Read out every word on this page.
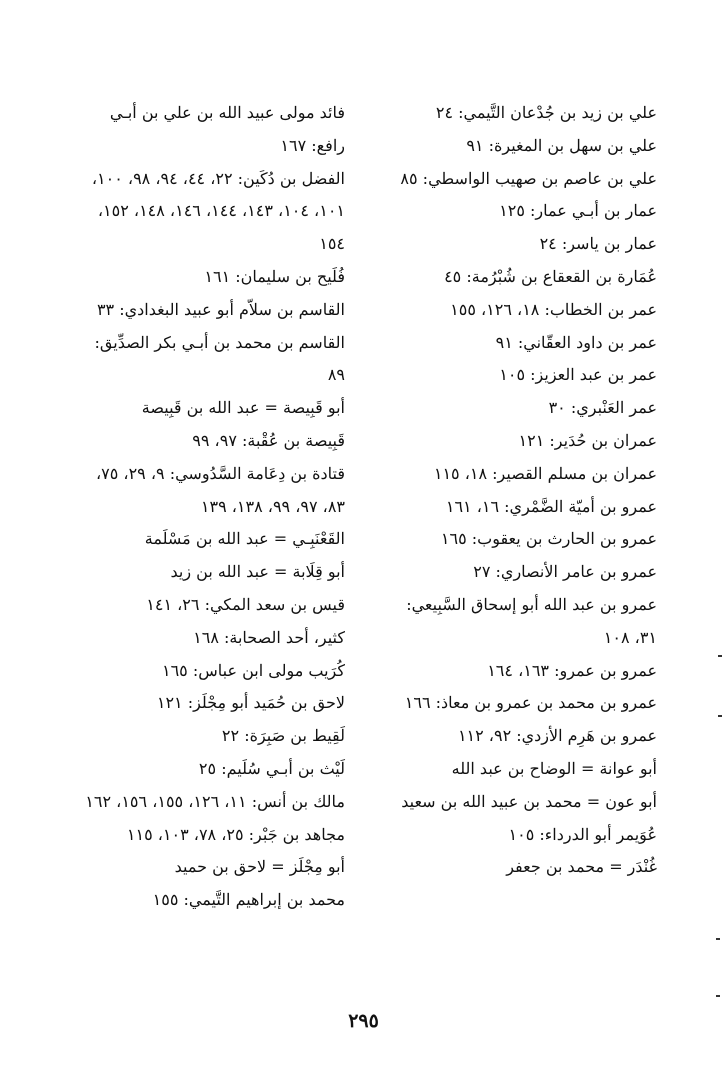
علي بن زيد بن جُدْعان التَّيمي: ٢٤

علي بن سهل بن المغيرة: ٩١

علي بن عاصم بن صهيب الواسطي: ٨٥

عمار بن أبـي عمار: ١٢٥

عمار بن ياسر: ٢٤

عُمَارة بن القعقاع بن شُبْرُمة: ٤٥

عمر بن الخطاب: ١٨، ١٢٦، ١٥٥

عمر بن داود العقّاني: ٩١

عمر بن عبد العزيز: ١٠٥

عمر العَنْبري: ٣٠

عمران بن حُدَير: ١٢١

عمران بن مسلم القصير: ١٨، ١١٥

عمرو بن أميّة الضَّمْري: ١٦، ١٦١

عمرو بن الحارث بن يعقوب: ١٦٥

عمرو بن عامر الأنصاري: ٢٧

عمرو بن عبد الله أبو إسحاق السَّبِيعي: ٣١، ١٠٨

عمرو بن عمرو: ١٦٣، ١٦٤

عمرو بن محمد بن عمرو بن معاذ: ١٦٦

عمرو بن هَرِم الأزدي: ٩٢، ١١٢

أبو عوانة = الوضاح بن عبد الله

أبو عون = محمد بن عبيد الله بن سعيد

عُوَيمر أبو الدرداء: ١٠٥

غُنْدَر = محمد بن جعفر

فائد مولى عبيد الله بن علي بن أبـي رافع: ١٦٧

الفضل بن دُكَين: ٢٢، ٤٤، ٩٤، ٩٨، ١٠٠، ١٠١، ١٠٤، ١٤٣، ١٤٤، ١٤٦، ١٤٨، ١٥٢، ١٥٤

فُلَيح بن سليمان: ١٦١

القاسم بن سلاّم أبو عبيد البغدادي: ٣٣

القاسم بن محمد بن أبـي بكر الصدِّيق: ٨٩

أبو قَبِيصة = عبد الله بن قَبِيصة

قَبِيصة بن عُقْبة: ٩٧، ٩٩

قتادة بن دِعَامة السَّدُوسي: ٩، ٢٩، ٧٥، ٨٣، ٩٧، ٩٩، ١٣٨، ١٣٩

القَعْنَبِـي = عبد الله بن مَسْلَمة

أبو قِلَابة = عبد الله بن زيد

قيس بن سعد المكي: ٢٦، ١٤١

كثير، أحد الصحابة: ١٦٨

كُرَيب مولى ابن عباس: ١٦٥

لاحق بن حُمَيد أبو مِجْلَز: ١٢١

لَقِيط بن صَبِرَة: ٢٢

لَيْث بن أبـي سُلَيم: ٢٥

مالك بن أنس: ١١، ١٢٦، ١٥٥، ١٥٦، ١٦٢

مجاهد بن جَبْر: ٢٥، ٧٨، ١٠٣، ١١٥

أبو مِجْلَز = لاحق بن حميد

محمد بن إبراهيم التَّيمي: ١٥٥

٢٩٥
